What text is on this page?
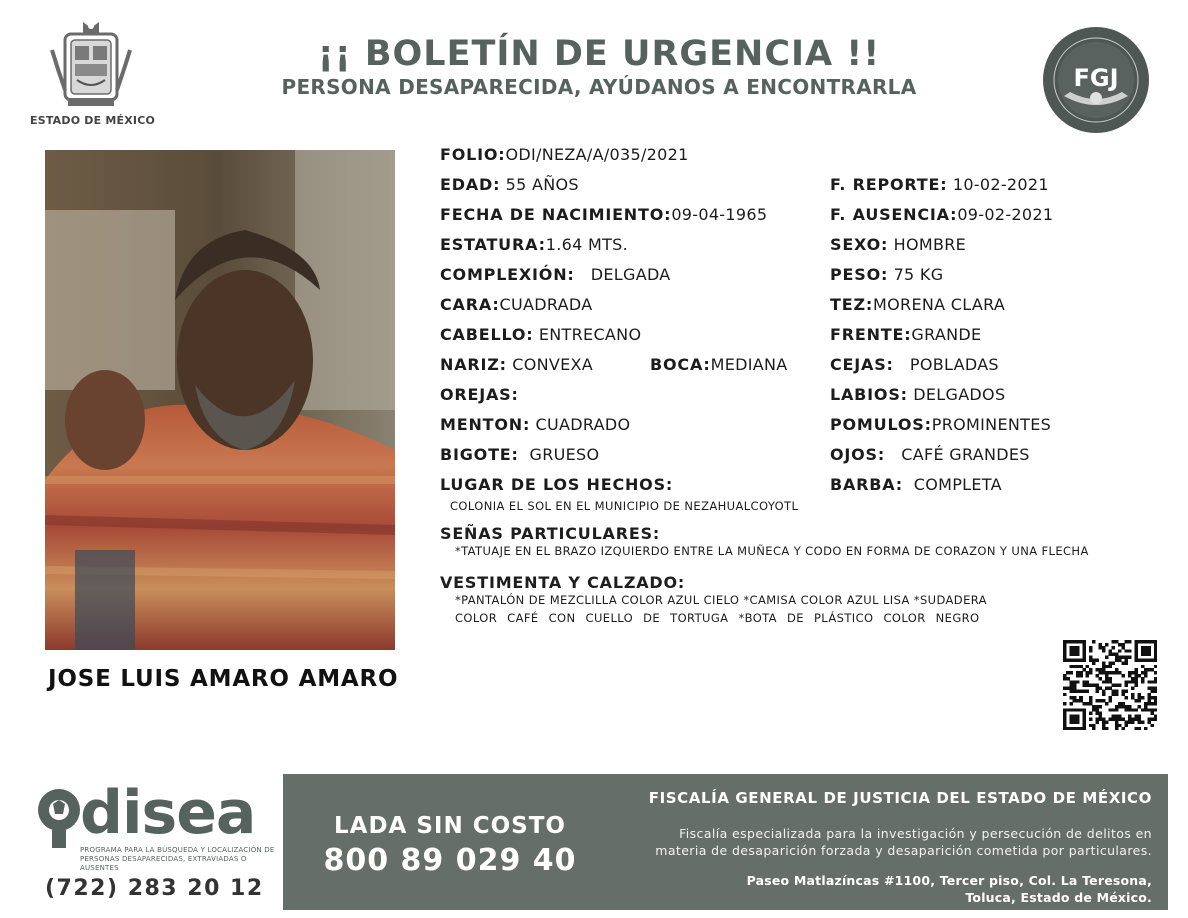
ESTADO DE MÉXICO
¡¡ BOLETÍN DE URGENCIA !!
PERSONA DESAPARECIDA, AYÚDANOS A ENCONTRARLA	FGJ
JOSE LUIS AMARO AMARO
FOLIO:ODI/NEZA/A/035/2021
EDAD: 55 AÑOS
FECHA DE NACIMIENTO:09-04-1965
ESTATURA:1.64 MTS.
COMPLEXIÓN: DELGADA
CARA:CUADRADA
CABELLO: ENTRECANO
NARIZ: CONVEXA	BOCA:MEDIANA
OREJAS:
MENTON: CUADRADO
BIGOTE: GRUESO
LUGAR DE LOS HECHOS:
COLONIA EL SOL EN EL MUNICIPIO DE NEZAHUALCOYOTL
F. REPORTE: 10-02-2021
F. AUSENCIA:09-02-2021
SEXO: HOMBRE
PESO: 75 KG
TEZ:MORENA CLARA
FRENTE:GRANDE
CEJAS: POBLADAS
LABIOS: DELGADOS
POMULOS:PROMINENTES
OJOS: CAFÉ GRANDES
BARBA: COMPLETA
SEÑAS PARTICULARES:
*TATUAJE EN EL BRAZO IZQUIERDO ENTRE LA MUÑECA Y CODO EN FORMA DE CORAZON Y UNA FLECHA
VESTIMENTA Y CALZADO:
*PANTALÓN DE MEZCLILLA COLOR AZUL CIELO *CAMISA COLOR AZUL LISA *SUDADERA
COLOR CAFÉ CON CUELLO DE TORTUGA *BOTA DE PLÁSTICO COLOR NEGRO
disea
PROGRAMA PARA LA BÚSQUEDA Y LOCALIZACIÓN DE PERSONAS DESAPARECIDAS, EXTRAVIADAS O AUSENTES
(722) 283 20 12
LADA SIN COSTO
800 89 029 40
FISCALÍA GENERAL DE JUSTICIA DEL ESTADO DE MÉXICO
Fiscalía especializada para la investigación y persecución de delitos en
materia de desaparición forzada y desaparición cometida por particulares.
Paseo Matlazíncas #1100, Tercer piso, Col. La Teresona,
Toluca, Estado de México.
